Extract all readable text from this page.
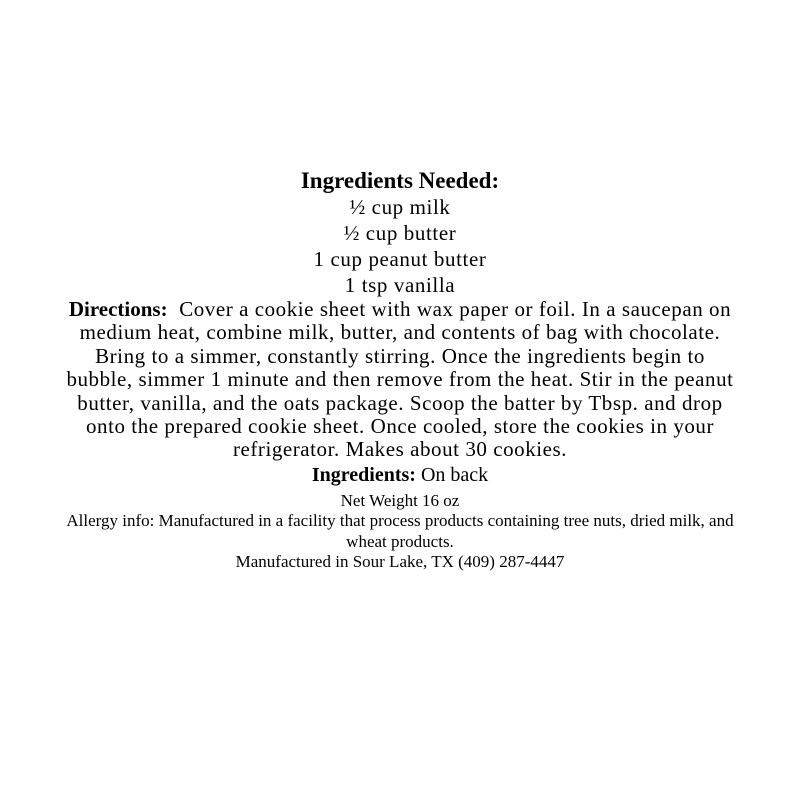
Ingredients Needed:
½ cup milk
½ cup butter
1 cup peanut butter
1 tsp vanilla

Directions: Cover a cookie sheet with wax paper or foil. In a saucepan on medium heat, combine milk, butter, and contents of bag with chocolate. Bring to a simmer, constantly stirring. Once the ingredients begin to bubble, simmer 1 minute and then remove from the heat. Stir in the peanut butter, vanilla, and the oats package. Scoop the batter by Tbsp. and drop onto the prepared cookie sheet. Once cooled, store the cookies in your refrigerator. Makes about 30 cookies.

Ingredients: On back

Net Weight 16 oz

Allergy info: Manufactured in a facility that process products containing tree nuts, dried milk, and wheat products.

Manufactured in Sour Lake, TX (409) 287-4447
